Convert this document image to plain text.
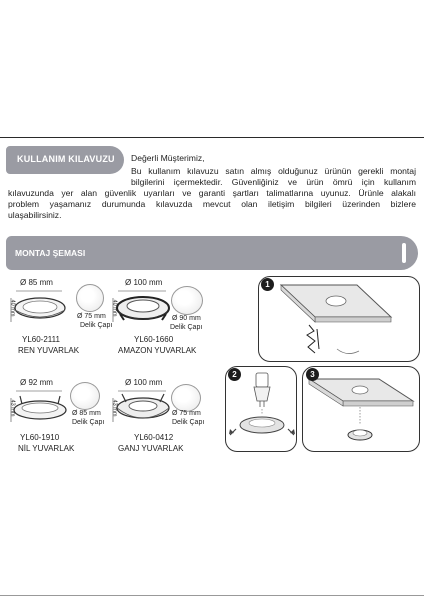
KULLANIM KILAVUZU Değerli Müşterimiz,
Bu kullanım kılavuzu satın almış olduğunuz ürünün gerekli montaj
bilgilerini içermektedir. Güvenliğiniz ve ürün ömrü için kullanım
kılavuzunda yer alan güvenlik uyarıları ve garanti şartları talimatlarına uyunuz. Ürünle alakalı
problem yaşamanız durumunda kılavuzda mevcut olan iletişim bilgileri üzerinden bizlere
ulaşabilirsiniz.
MONTAJ ŞEMASI
Ø 85 mm
40 mm
Ø 75 mm
Delik Çapı
YL60-2111
REN YUVARLAK
Ø 100 mm
40 mm
Ø 90 mm
Delik Çapı
YL60-1660
AMAZON YUVARLAK
Ø 92 mm
43 mm	Ø 85 mm
Delik Çapı
YL60-1910
NİL YUVARLAK
Ø 100 mm
43 mm	Ø 75 mm
Delik Çapı
YL60-0412
GANJ YUVARLAK
1
2	3
